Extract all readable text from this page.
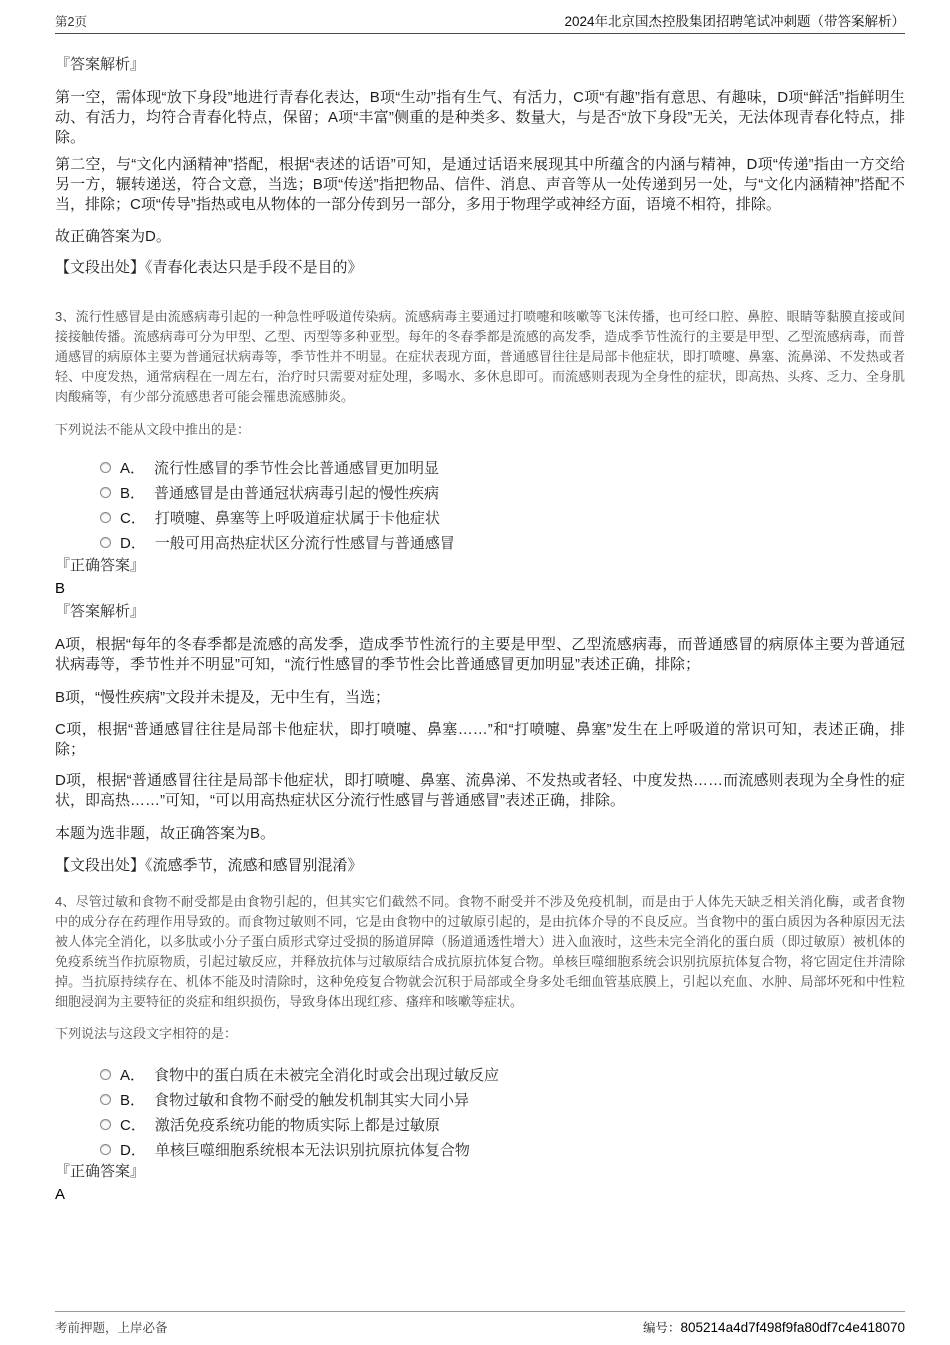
第2页	2024年北京国杰控股集团招聘笔试冲刺题（带答案解析）
『答案解析』

第一空，需体现“放下身段”地进行青春化表达，B项“生动”指有生气、有活力，C项“有趣”指有意思、有趣味，D项“鲜活”指鲜明生动、有活力，均符合青春化特点，保留；A项“丰富”侧重的是种类多、数量大，与是否“放下身段”无关，无法体现青春化特点，排除。

第二空，与“文化内涵精神”搭配，根据“表述的话语”可知，是通过话语来展现其中所蕴含的内涵与精神，D项“传递”指由一方交给另一方，辗转递送，符合文意，当选；B项“传送”指把物品、信件、消息、声音等从一处传递到另一处，与“文化内涵精神”搭配不当，排除；C项“传导”指热或电从物体的一部分传到另一部分，多用于物理学或神经方面，语境不相符，排除。

故正确答案为D。

【文段出处】《青春化表达只是手段不是目的》

3、流行性感冒是由流感病毒引起的一种急性呼吸道传染病。流感病毒主要通过打喷嚏和咳嗽等飞沫传播，也可经口腔、鼻腔、眼睛等黏膜直接或间接接触传播。流感病毒可分为甲型、乙型、丙型等多种亚型。每年的冬春季都是流感的高发季，造成季节性流行的主要是甲型、乙型流感病毒，而普通感冒的病原体主要为普通冠状病毒等，季节性并不明显。在症状表现方面，普通感冒往往是局部卡他症状，即打喷嚏、鼻塞、流鼻涕、不发热或者轻、中度发热，通常病程在一周左右，治疗时只需要对症处理，多喝水、多休息即可。而流感则表现为全身性的症状，即高热、头疼、乏力、全身肌肉酸痛等，有少部分流感患者可能会罹患流感肺炎。

下列说法不能从文段中推出的是：

A． 流行性感冒的季节性会比普通感冒更加明显
B． 普通感冒是由普通冠状病毒引起的慢性疾病
C． 打喷嚏、鼻塞等上呼吸道症状属于卡他症状
D． 一般可用高热症状区分流行性感冒与普通感冒
『正确答案』
B
『答案解析』

A项，根据“每年的冬春季都是流感的高发季，造成季节性流行的主要是甲型、乙型流感病毒，而普通感冒的病原体主要为普通冠状病毒等，季节性并不明显”可知，“流行性感冒的季节性会比普通感冒更加明显”表述正确，排除；

B项，“慢性疾病”文段并未提及，无中生有，当选；

C项，根据“普通感冒往往是局部卡他症状，即打喷嚏、鼻塞……”和“打喷嚏、鼻塞”发生在上呼吸道的常识可知，表述正确，排除；

D项，根据“普通感冒往往是局部卡他症状，即打喷嚏、鼻塞、流鼻涕、不发热或者轻、中度发热……而流感则表现为全身性的症状，即高热……”可知，“可以用高热症状区分流行性感冒与普通感冒”表述正确，排除。

本题为选非题，故正确答案为B。

【文段出处】《流感季节，流感和感冒别混淆》

4、尽管过敏和食物不耐受都是由食物引起的，但其实它们截然不同。食物不耐受并不涉及免疫机制，而是由于人体先天缺乏相关消化酶，或者食物中的成分存在药理作用导致的。而食物过敏则不同，它是由食物中的过敏原引起的，是由抗体介导的不良反应。当食物中的蛋白质因为各种原因无法被人体完全消化，以多肽或小分子蛋白质形式穿过受损的肠道屏障（肠道通透性增大）进入血液时，这些未完全消化的蛋白质（即过敏原）被机体的免疫系统当作抗原物质，引起过敏反应，并释放抗体与过敏原结合成抗原抗体复合物。单核巨噬细胞系统会识别抗原抗体复合物，将它固定住并清除掉。当抗原持续存在、机体不能及时清除时，这种免疫复合物就会沉积于局部或全身多处毛细血管基底膜上，引起以充血、水肿、局部坏死和中性粒细胞浸润为主要特征的炎症和组织损伤，导致身体出现红疹、瘙痒和咳嗽等症状。

下列说法与这段文字相符的是：

A． 食物中的蛋白质在未被完全消化时或会出现过敏反应
B． 食物过敏和食物不耐受的触发机制其实大同小异
C． 激活免疫系统功能的物质实际上都是过敏原
D． 单核巨噬细胞系统根本无法识别抗原抗体复合物
『正确答案』
A
考前押题，上岸必备	编号：805214a4d7f498f9fa80df7c4e418070
